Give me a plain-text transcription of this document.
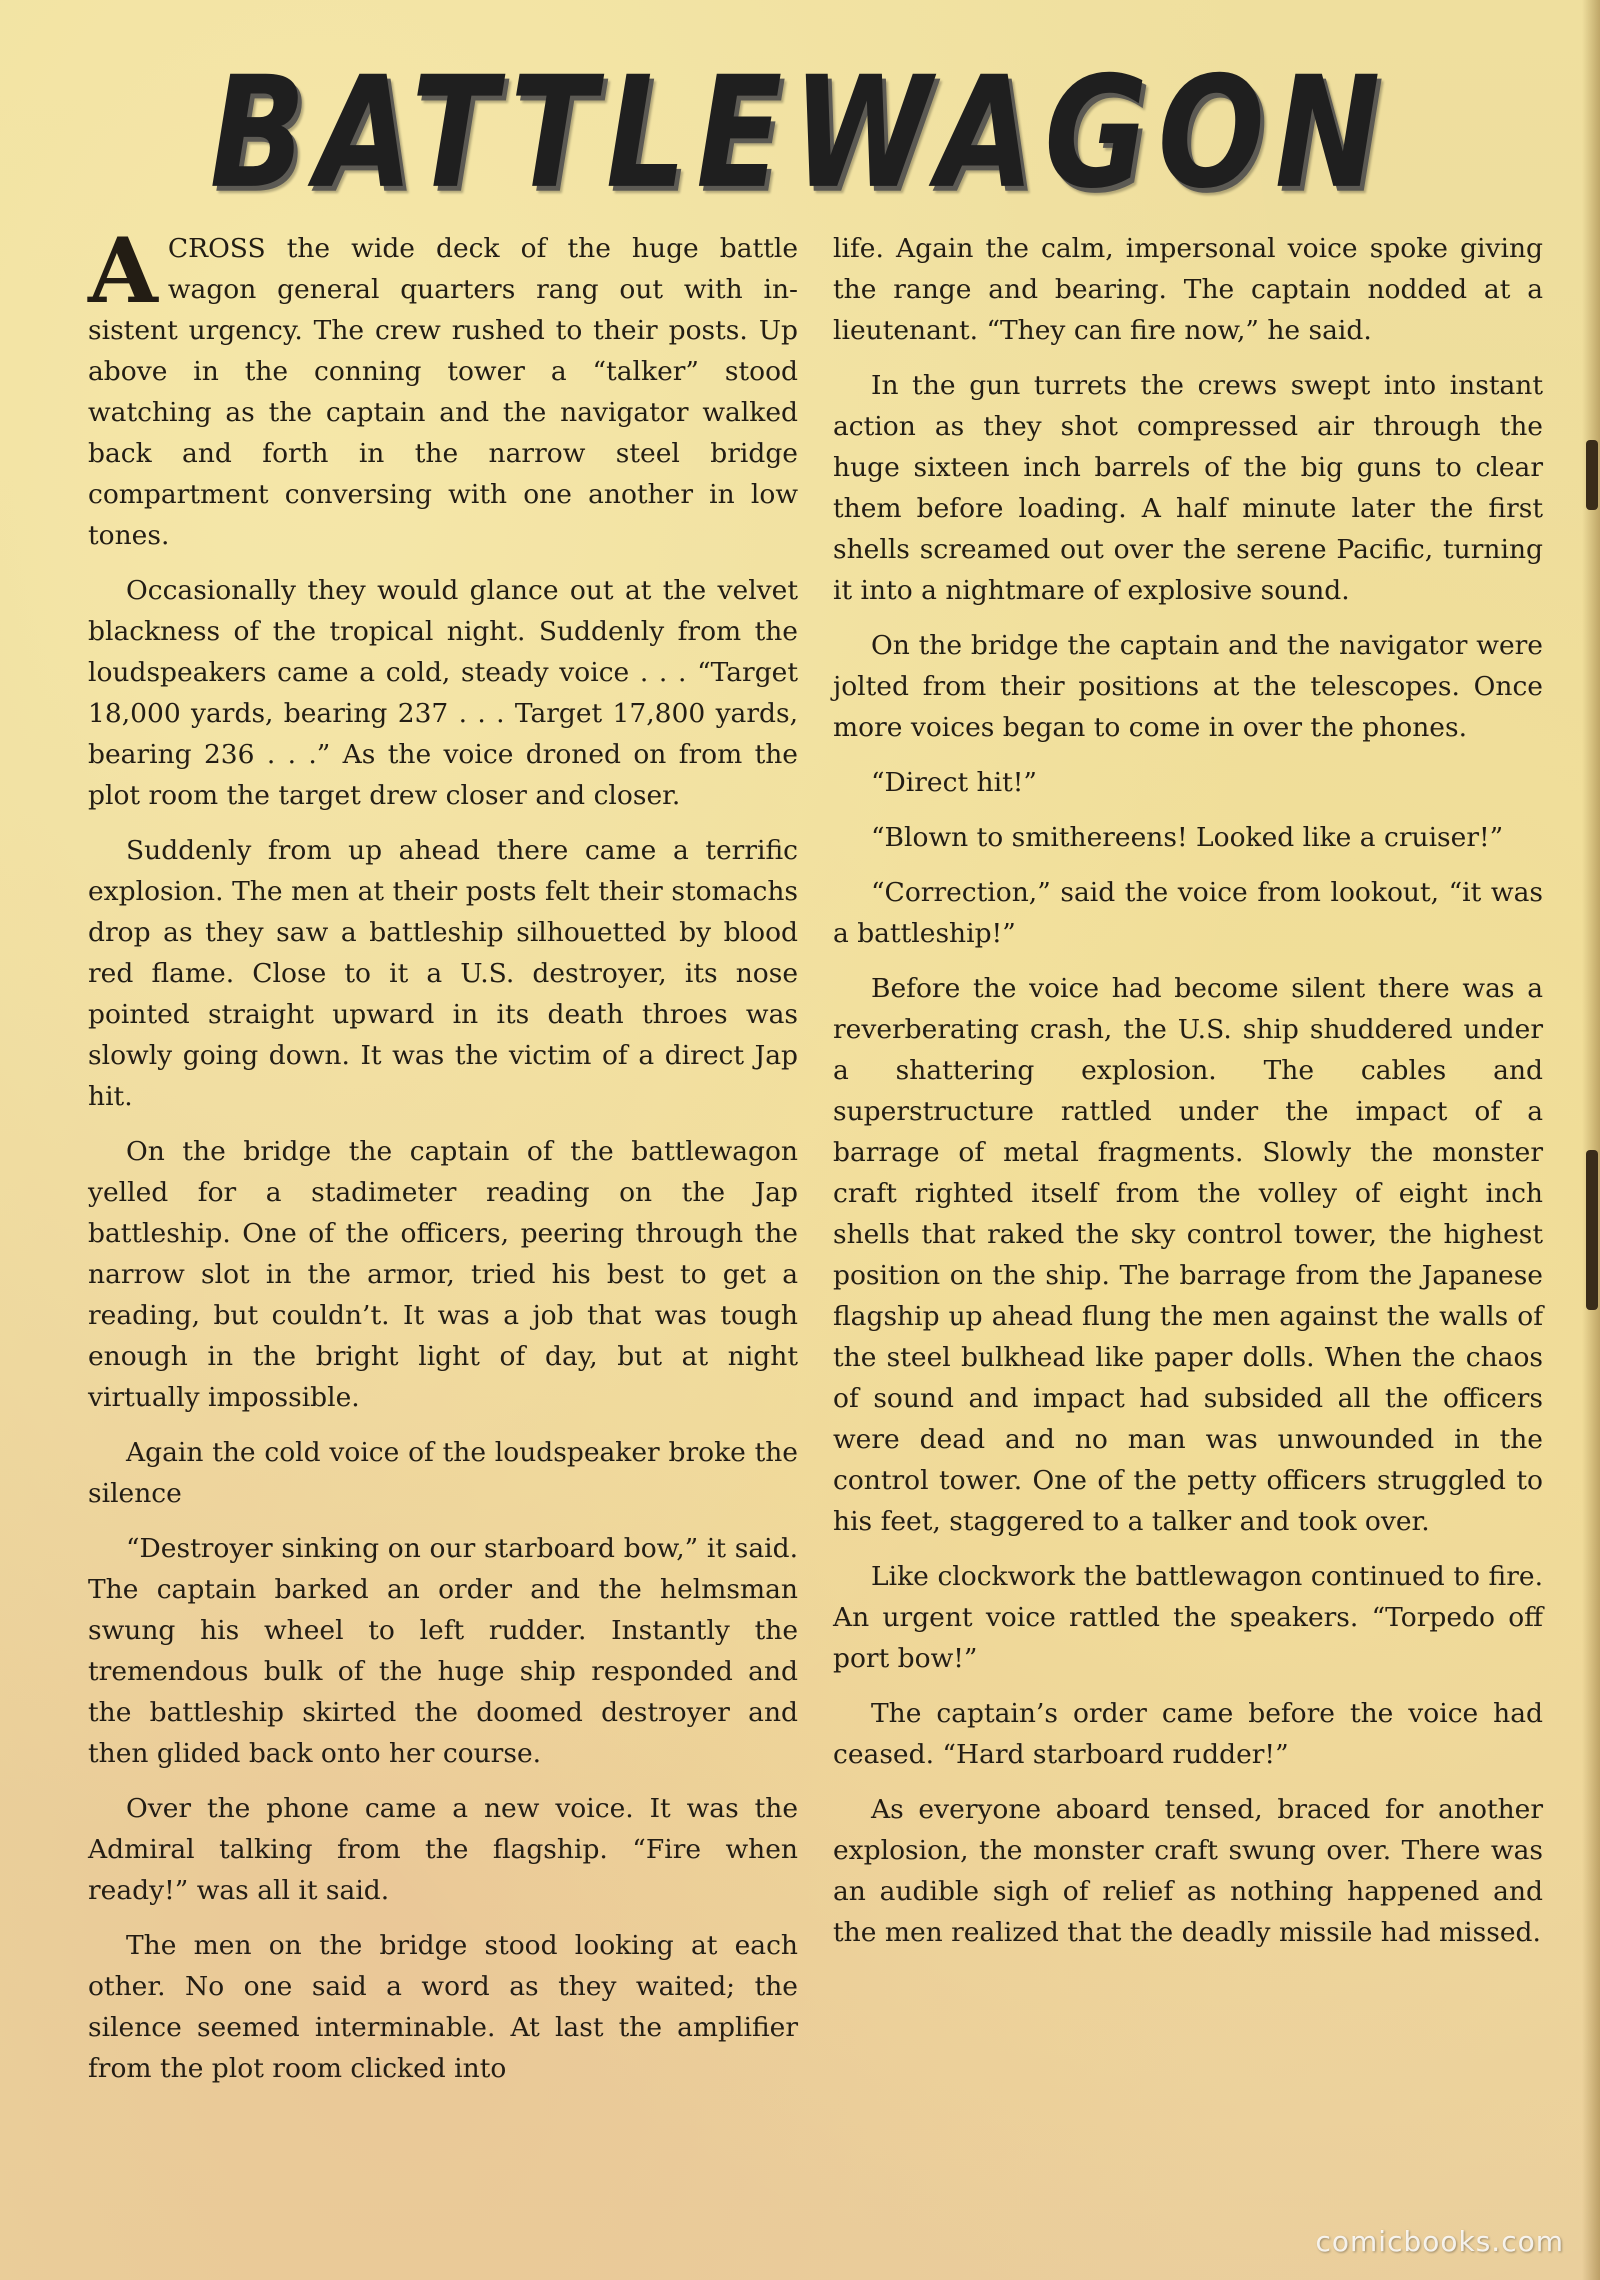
BATTLEWAGON

ACROSS the wide deck of the huge battle wagon general quarters rang out with insistent urgency. The crew rushed to their posts. Up above in the conning tower a “talker” stood watching as the captain and the navigator walked back and forth in the narrow steel bridge compartment conversing with one another in low tones.

Occasionally they would glance out at the velvet blackness of the tropical night. Suddenly from the loudspeakers came a cold, steady voice . . . “Target 18,000 yards, bearing 237 . . . Target 17,800 yards, bearing 236 . . .” As the voice droned on from the plot room the target drew closer and closer.

Suddenly from up ahead there came a terrific explosion. The men at their posts felt their stomachs drop as they saw a battleship silhouetted by blood red flame. Close to it a U.S. destroyer, its nose pointed straight upward in its death throes was slowly going down. It was the victim of a direct Jap hit.

On the bridge the captain of the battlewagon yelled for a stadimeter reading on the Jap battleship. One of the officers, peering through the narrow slot in the armor, tried his best to get a reading, but couldn’t. It was a job that was tough enough in the bright light of day, but at night virtually impossible.

Again the cold voice of the loudspeaker broke the silence

“Destroyer sinking on our starboard bow,” it said. The captain barked an order and the helmsman swung his wheel to left rudder. Instantly the tremendous bulk of the huge ship responded and the battleship skirted the doomed destroyer and then glided back onto her course.

Over the phone came a new voice. It was the Admiral talking from the flagship. “Fire when ready!” was all it said.

The men on the bridge stood looking at each other. No one said a word as they waited; the silence seemed interminable. At last the amplifier from the plot room clicked into

life. Again the calm, impersonal voice spoke giving the range and bearing. The captain nodded at a lieutenant. “They can fire now,” he said.

In the gun turrets the crews swept into instant action as they shot compressed air through the huge sixteen inch barrels of the big guns to clear them before loading. A half minute later the first shells screamed out over the serene Pacific, turning it into a nightmare of explosive sound.

On the bridge the captain and the navigator were jolted from their positions at the telescopes. Once more voices began to come in over the phones.

“Direct hit!”

“Blown to smithereens! Looked like a cruiser!”

“Correction,” said the voice from lookout, “it was a battleship!”

Before the voice had become silent there was a reverberating crash, the U.S. ship shuddered under a shattering explosion. The cables and superstructure rattled under the impact of a barrage of metal fragments. Slowly the monster craft righted itself from the volley of eight inch shells that raked the sky control tower, the highest position on the ship. The barrage from the Japanese flagship up ahead flung the men against the walls of the steel bulkhead like paper dolls. When the chaos of sound and impact had subsided all the officers were dead and no man was unwounded in the control tower. One of the petty officers struggled to his feet, staggered to a talker and took over.

Like clockwork the battlewagon continued to fire. An urgent voice rattled the speakers. “Torpedo off port bow!”

The captain’s order came before the voice had ceased. “Hard starboard rudder!”

As everyone aboard tensed, braced for another explosion, the monster craft swung over. There was an audible sigh of relief as nothing happened and the men realized that the deadly missile had missed.

comicbooks.com
